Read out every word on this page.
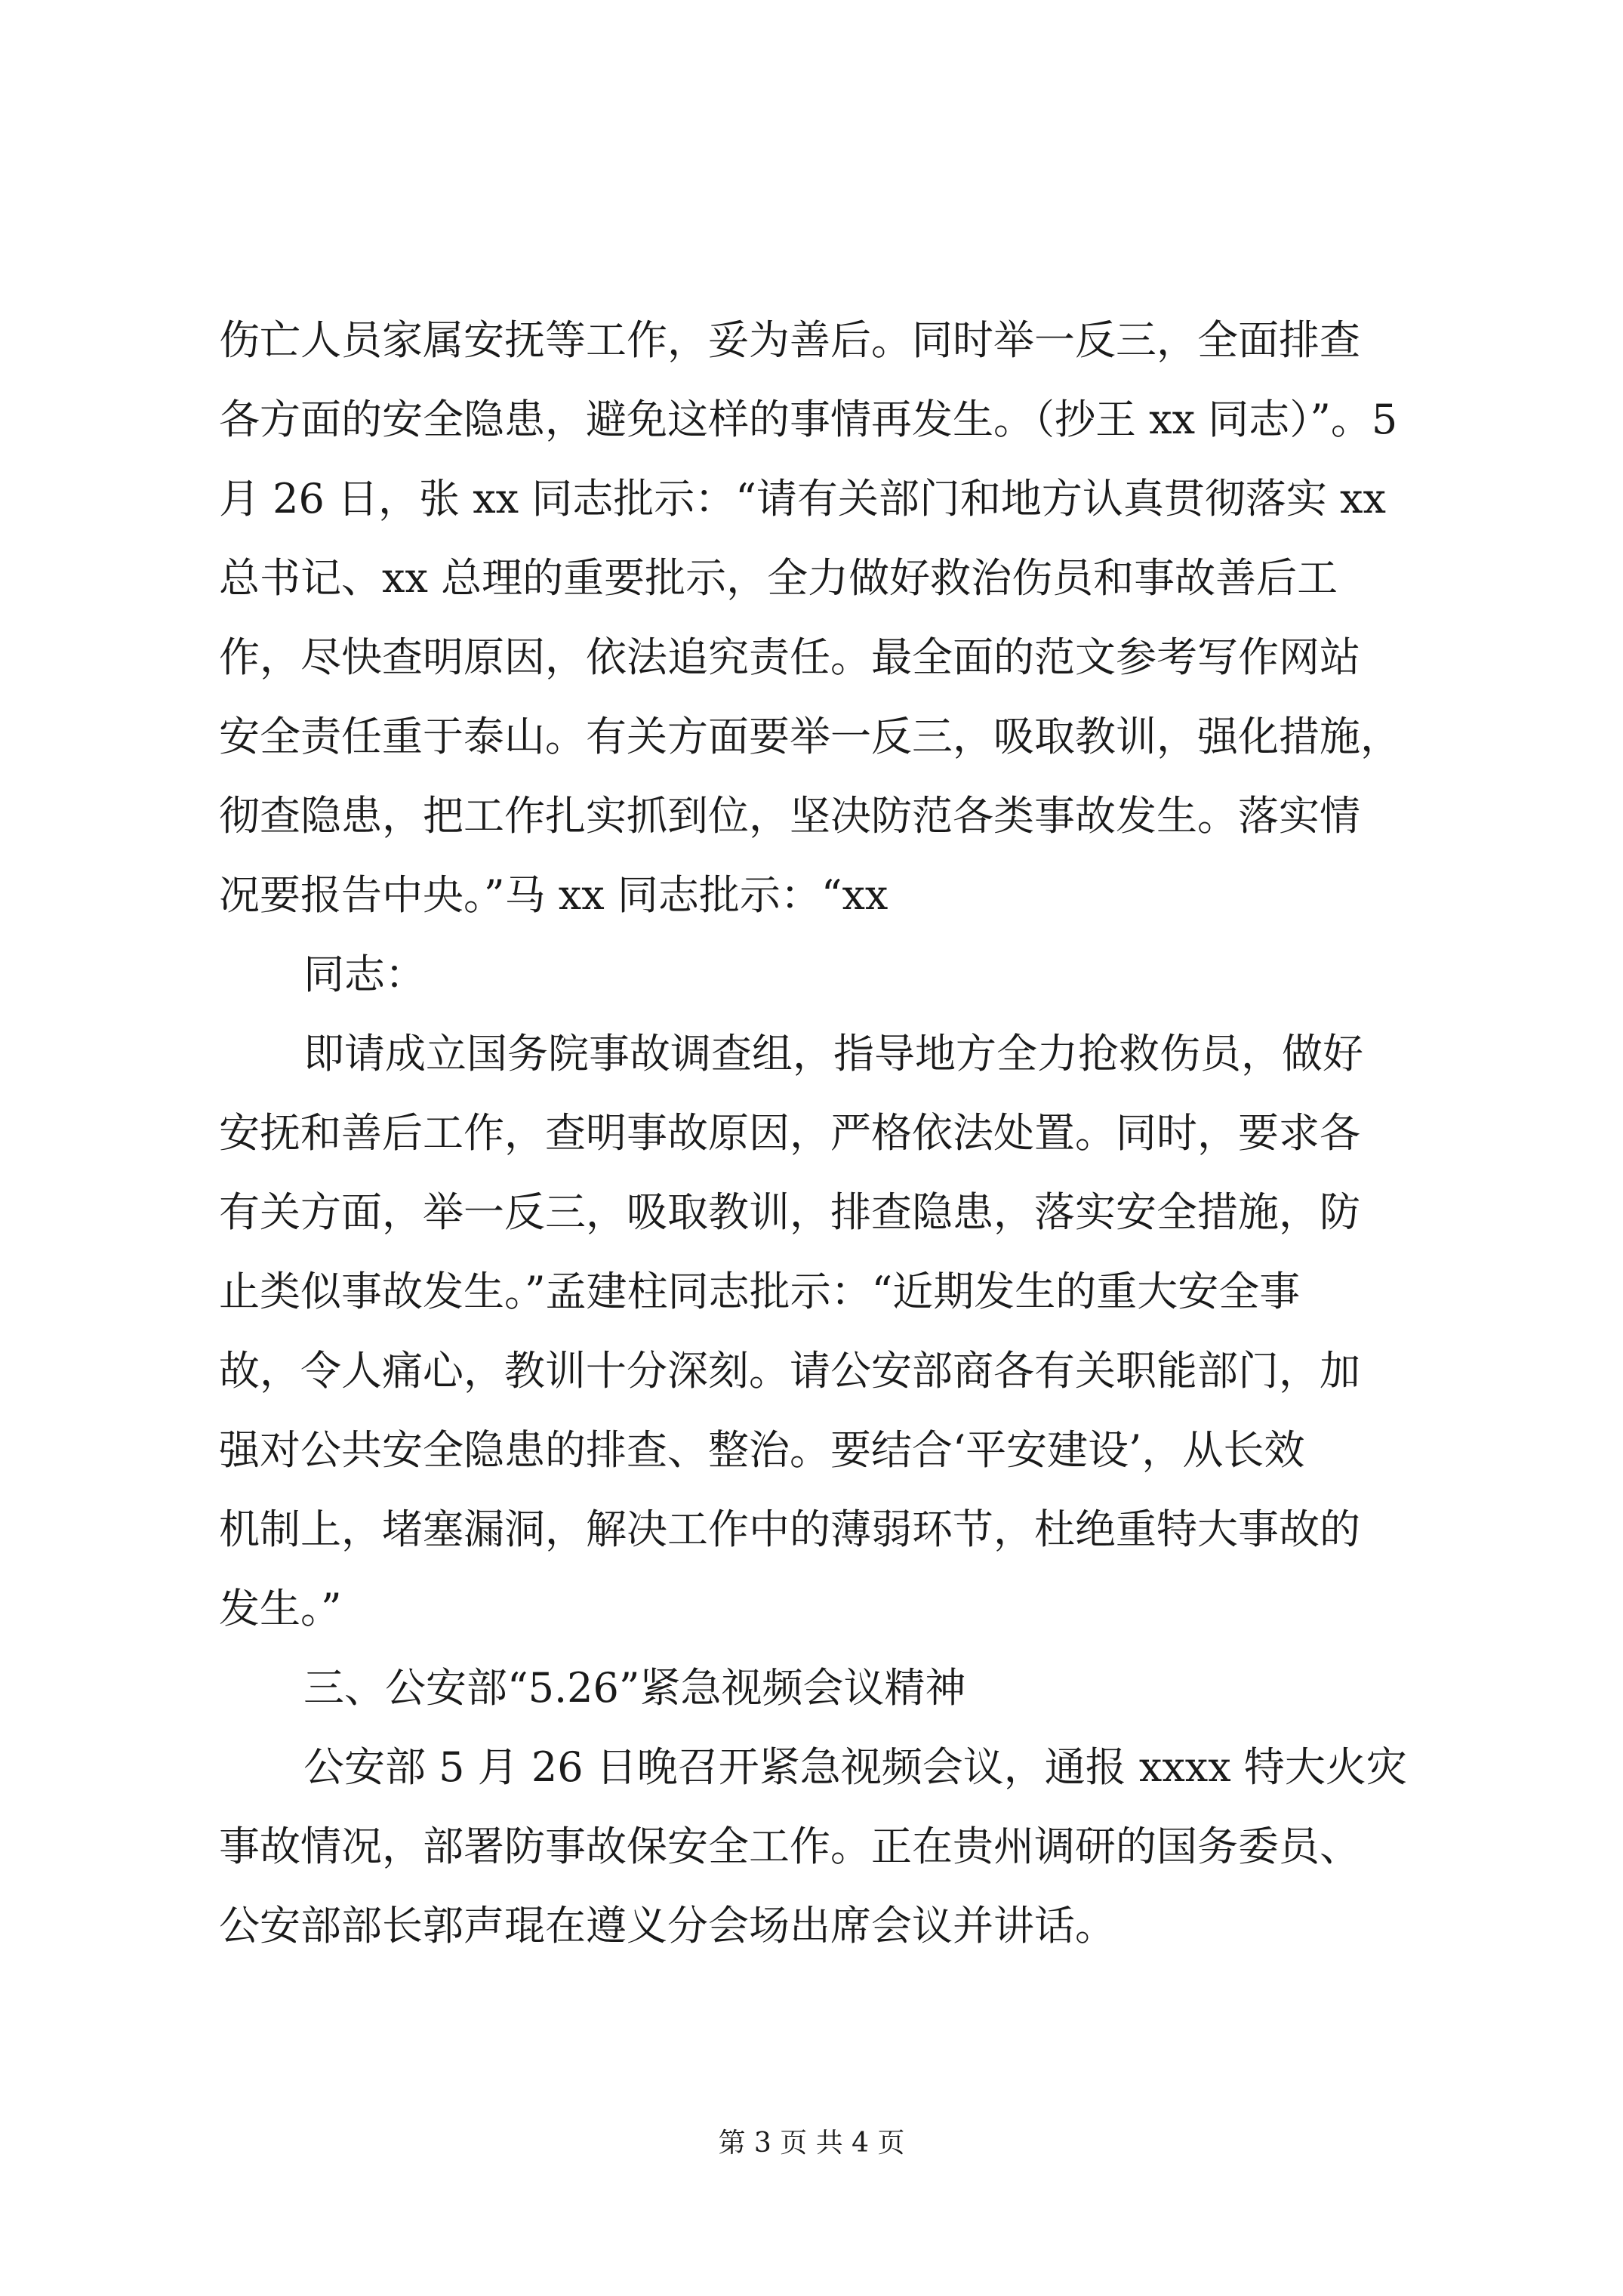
伤亡人员家属安抚等工作，妥为善后。同时举一反三，全面排查
各方面的安全隐患，避免这样的事情再发生。（抄王 xx 同志）”。5
月 26 日，张 xx 同志批示：“请有关部门和地方认真贯彻落实 xx
总书记、xx 总理的重要批示，全力做好救治伤员和事故善后工
作，尽快查明原因，依法追究责任。最全面的范文参考写作网站
安全责任重于泰山。有关方面要举一反三，吸取教训，强化措施，
彻查隐患，把工作扎实抓到位，坚决防范各类事故发生。落实情
况要报告中央。”马 xx 同志批示：“xx
同志：
即请成立国务院事故调查组，指导地方全力抢救伤员，做好
安抚和善后工作，查明事故原因，严格依法处置。同时，要求各
有关方面，举一反三，吸取教训，排查隐患，落实安全措施，防
止类似事故发生。”孟建柱同志批示：“近期发生的重大安全事
故，令人痛心，教训十分深刻。请公安部商各有关职能部门，加
强对公共安全隐患的排查、整治。要结合‘平安建设’，从长效
机制上，堵塞漏洞，解决工作中的薄弱环节，杜绝重特大事故的
发生。”
三、公安部“5.26”紧急视频会议精神
公安部 5 月 26 日晚召开紧急视频会议，通报 xxxx 特大火灾
事故情况，部署防事故保安全工作。正在贵州调研的国务委员、
公安部部长郭声琨在遵义分会场出席会议并讲话。
第 3 页 共 4 页
